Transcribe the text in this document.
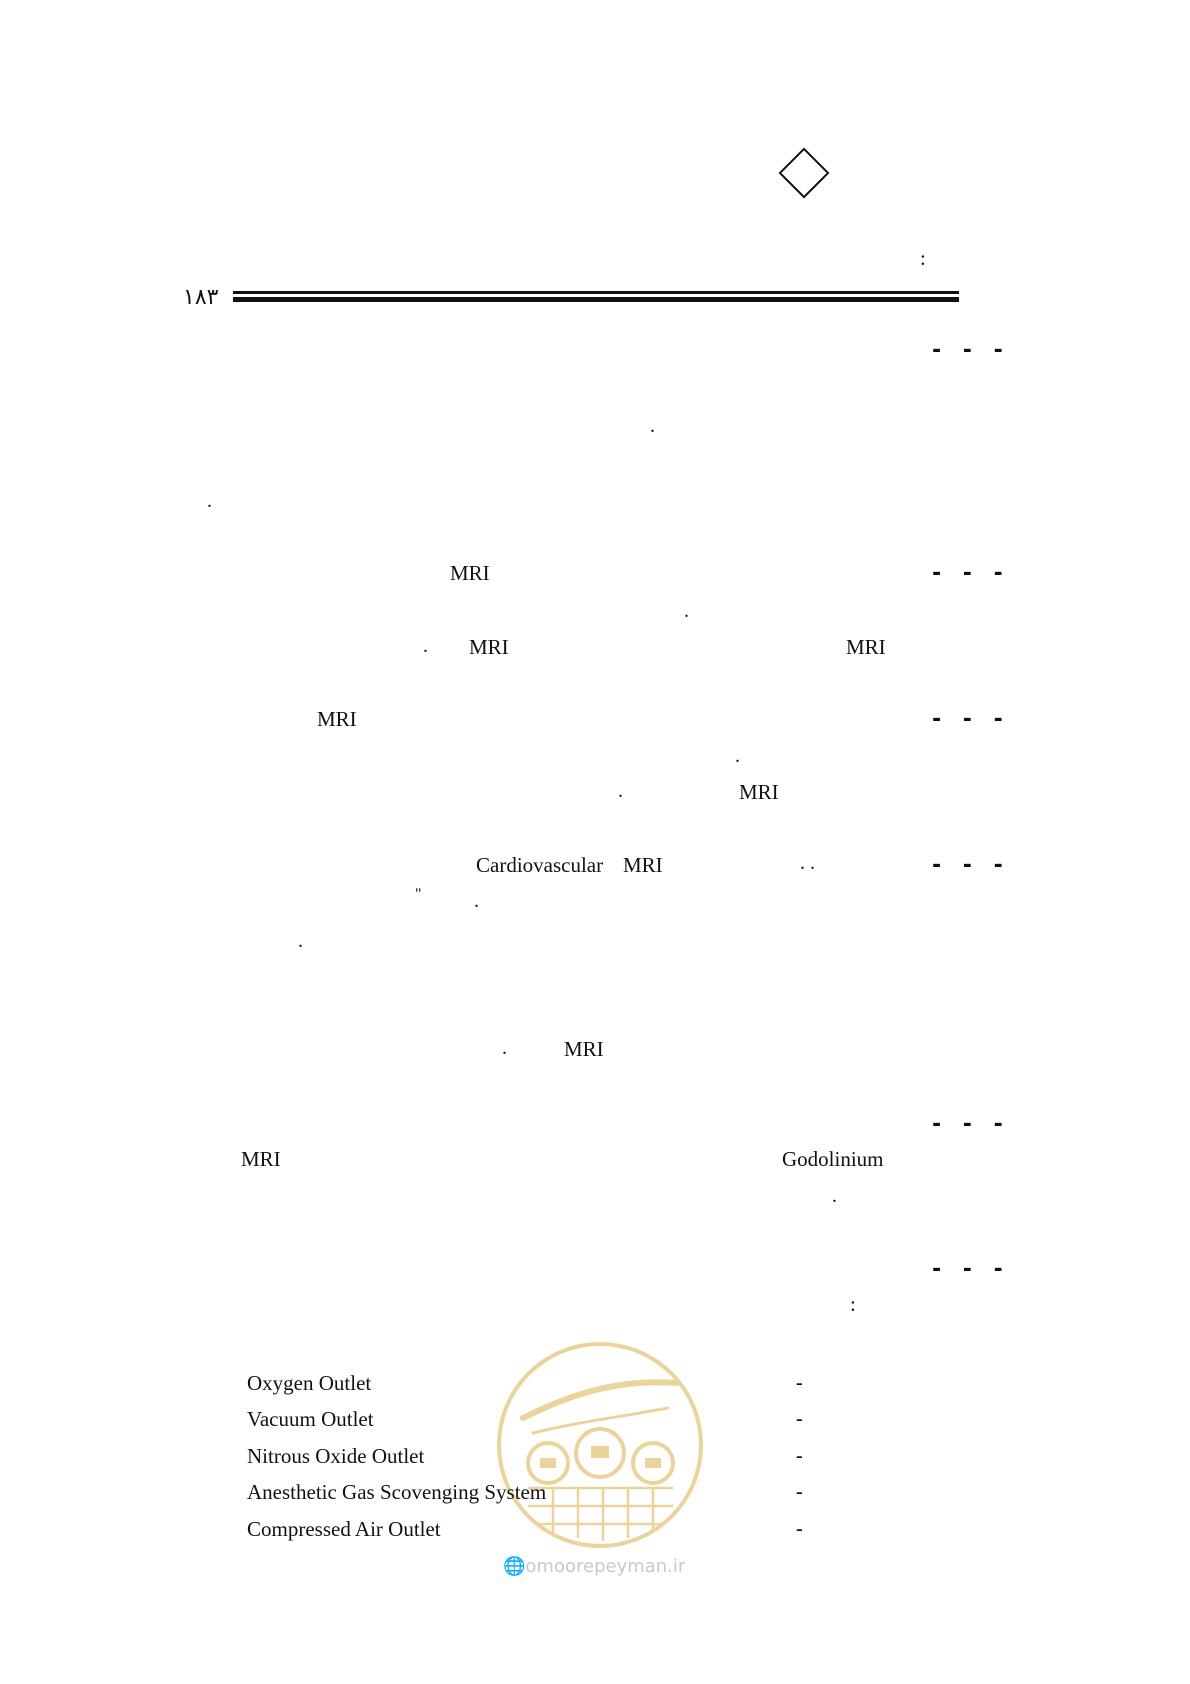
:
۱۸۳
- - -
.
.
- - -
MRI
.
MRI
MRI
.
- - -
MRI
.
MRI
.
- - -
. .
Cardiovascular MRI
"	.
.
MRI
.
- - -
Godolinium
MRI
.
- - -
:
🌐omoorepeyman.ir
Oxygen Outlet	-
Vacuum Outlet	-
Nitrous Oxide Outlet	-
Anesthetic Gas Scovenging System	-
Compressed Air Outlet	-
